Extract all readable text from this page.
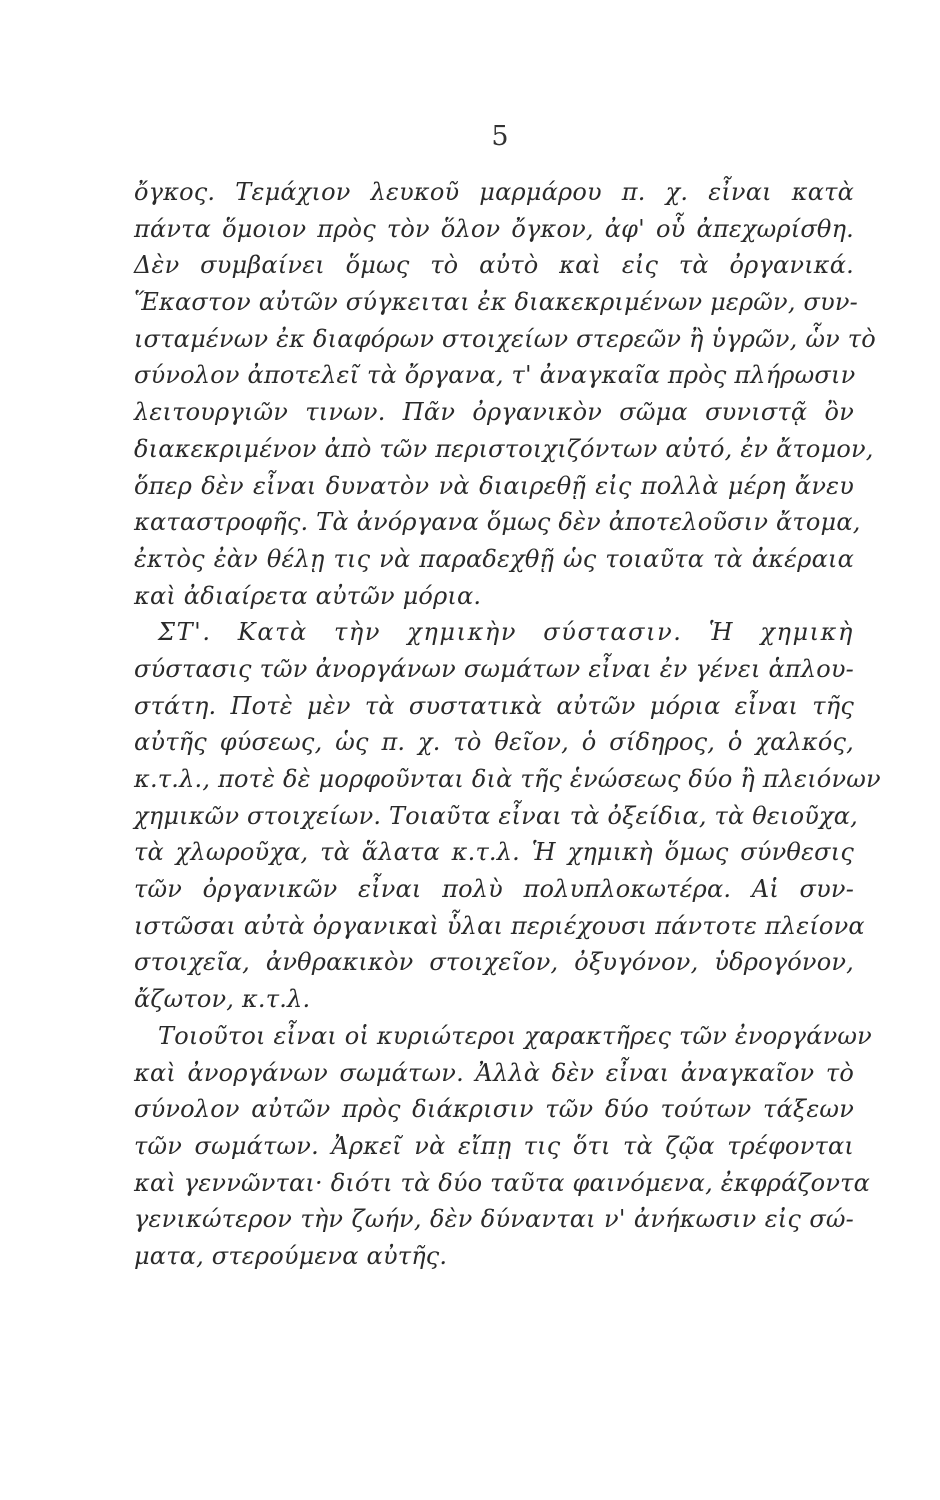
5
ὄγκος. Τεμάχιον λευκοῦ μαρμάρου π. χ. εἶναι κατὰ
πάντα ὅμοιον πρὸς τὸν ὅλον ὄγκον, ἀφ' οὗ ἀπεχωρίσθη.
Δὲν συμβαίνει ὅμως τὸ αὐτὸ καὶ εἰς τὰ ὀργανικά.
Ἕκαστον αὐτῶν σύγκειται ἐκ διακεκριμένων μερῶν, συν-
ισταμένων ἐκ διαφόρων στοιχείων στερεῶν ἢ ὑγρῶν, ὧν τὸ
σύνολον ἀποτελεῖ τὰ ὄργανα, τ' ἀναγκαῖα πρὸς πλήρωσιν
λειτουργιῶν τινων. Πᾶν ὀργανικὸν σῶμα συνιστᾷ ὂν
διακεκριμένον ἀπὸ τῶν περιστοιχιζόντων αὐτό, ἐν ἄτομον,
ὅπερ δὲν εἶναι δυνατὸν νὰ διαιρεθῇ εἰς πολλὰ μέρη ἄνευ
καταστροφῆς. Τὰ ἀνόργανα ὅμως δὲν ἀποτελοῦσιν ἄτομα,
ἐκτὸς ἐὰν θέλῃ τις νὰ παραδεχθῇ ὡς τοιαῦτα τὰ ἀκέραια
καὶ ἀδιαίρετα αὐτῶν μόρια.
ΣΤ'. Κατὰ τὴν χημικὴν σύστασιν. Ἡ χημικὴ
σύστασις τῶν ἀνοργάνων σωμάτων εἶναι ἐν γένει ἁπλου-
στάτη. Ποτὲ μὲν τὰ συστατικὰ αὐτῶν μόρια εἶναι τῆς
αὐτῆς φύσεως, ὡς π. χ. τὸ θεῖον, ὁ σίδηρος, ὁ χαλκός,
κ.τ.λ., ποτὲ δὲ μορφοῦνται διὰ τῆς ἑνώσεως δύο ἢ πλειόνων
χημικῶν στοιχείων. Τοιαῦτα εἶναι τὰ ὀξείδια, τὰ θειοῦχα,
τὰ χλωροῦχα, τὰ ἅλατα κ.τ.λ. Ἡ χημικὴ ὅμως σύνθεσις
τῶν ὀργανικῶν εἶναι πολὺ πολυπλοκωτέρα. Αἱ συν-
ιστῶσαι αὐτὰ ὀργανικαὶ ὗλαι περιέχουσι πάντοτε πλείονα
στοιχεῖα, ἀνθρακικὸν στοιχεῖον, ὀξυγόνον, ὑδρογόνον,
ἄζωτον, κ.τ.λ.
Τοιοῦτοι εἶναι οἱ κυριώτεροι χαρακτῆρες τῶν ἐνοργάνων
καὶ ἀνοργάνων σωμάτων. Ἀλλὰ δὲν εἶναι ἀναγκαῖον τὸ
σύνολον αὐτῶν πρὸς διάκρισιν τῶν δύο τούτων τάξεων
τῶν σωμάτων. Ἀρκεῖ νὰ εἴπῃ τις ὅτι τὰ ζῷα τρέφονται
καὶ γεννῶνται· διότι τὰ δύο ταῦτα φαινόμενα, ἐκφράζοντα
γενικώτερον τὴν ζωήν, δὲν δύνανται ν' ἀνήκωσιν εἰς σώ-
ματα, στερούμενα αὐτῆς.
